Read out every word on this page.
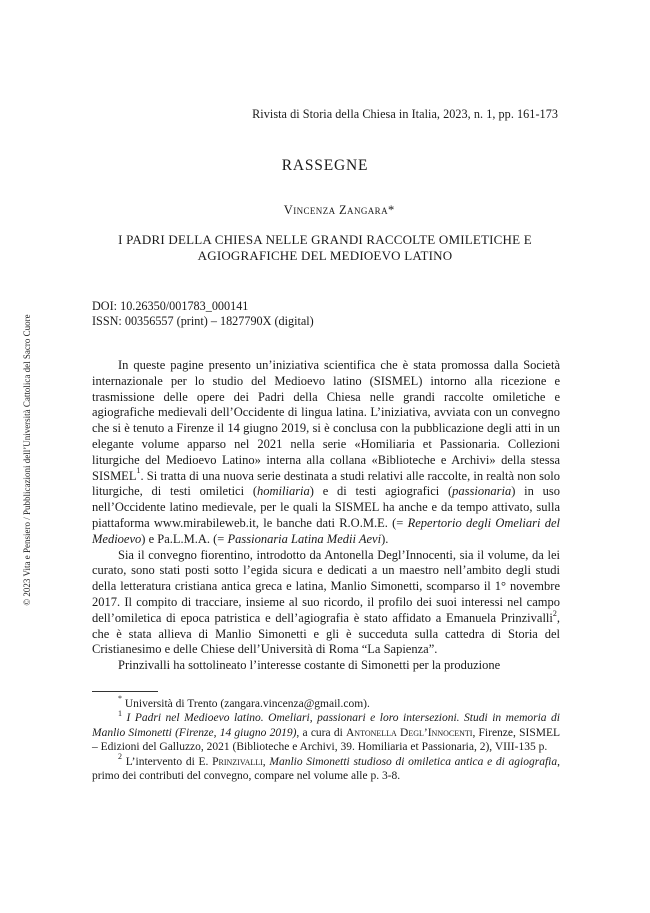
Rivista di Storia della Chiesa in Italia, 2023, n. 1, pp. 161-173
RASSEGNE
Vincenza Zangara*
I PADRI DELLA CHIESA NELLE GRANDI RACCOLTE OMILETICHE E
AGIOGRAFICHE DEL MEDIOEVO LATINO
DOI: 10.26350/001783_000141
ISSN: 00356557 (print) – 1827790X (digital)

In queste pagine presento un’iniziativa scientifica che è stata promossa dalla Società internazionale per lo studio del Medioevo latino (SISMEL) intorno alla ricezione e trasmissione delle opere dei Padri della Chiesa nelle grandi raccolte omiletiche e agiografiche medievali dell’Occidente di lingua latina. L’iniziativa, avviata con un convegno che si è tenuto a Firenze il 14 giugno 2019, si è conclusa con la pubblicazione degli atti in un elegante volume apparso nel 2021 nella serie «Homiliaria et Passionaria. Collezioni liturgiche del Medioevo Latino» interna alla collana «Biblioteche e Archivi» della stessa SISMEL$^1$. Si tratta di una nuova serie destinata a studi relativi alle raccolte, in realtà non solo liturgiche, di testi omiletici (homiliaria) e di testi agiografici (passionaria) in uso nell’Occidente latino medievale, per le quali la SISMEL ha anche e da tempo attivato, sulla piattaforma www.mirabileweb.it, le banche dati R.O.M.E. (= Repertorio degli Omeliari del Medioevo) e Pa.L.M.A. (= Passionaria Latina Medii Aevi).

Sia il convegno fiorentino, introdotto da Antonella Degl’Innocenti, sia il volume, da lei curato, sono stati posti sotto l’egida sicura e dedicati a un maestro nell’ambito degli studi della letteratura cristiana antica greca e latina, Manlio Simonetti, scomparso il 1° novembre 2017. Il compito di tracciare, insieme al suo ricordo, il profilo dei suoi interessi nel campo dell’omiletica di epoca patristica e dell’agiografia è stato affidato a Emanuela Prinzivalli$^2$, che è stata allieva di Manlio Simonetti e gli è succeduta sulla cattedra di Storia del Cristianesimo e delle Chiese dell’Università di Roma “La Sapienza”.

Prinzivalli ha sottolineato l’interesse costante di Simonetti per la produzione

* Università di Trento (zangara.vincenza@gmail.com).

$^1$ I Padri nel Medioevo latino. Omeliari, passionari e loro intersezioni. Studi in memoria di Manlio Simonetti (Firenze, 14 giugno 2019), a cura di Antonella Degl’Innocenti, Firenze, SISMEL – Edizioni del Galluzzo, 2021 (Biblioteche e Archivi, 39. Homiliaria et Passionaria, 2), VIII-135 p.

$^2$ L’intervento di E. Prinzivalli, Manlio Simonetti studioso di omiletica antica e di agiografia, primo dei contributi del convegno, compare nel volume alle p. 3-8.

© 2023 Vita e Pensiero / Pubblicazioni dell’Università Cattolica del Sacro Cuore
